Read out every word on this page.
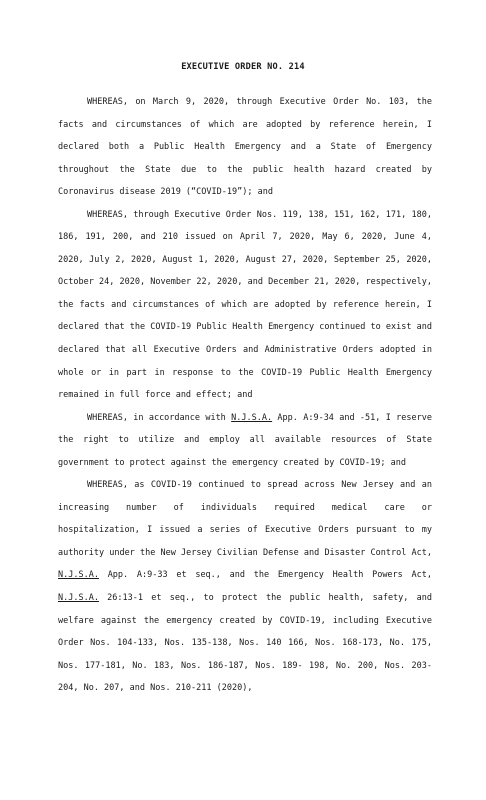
EXECUTIVE ORDER NO. 214

WHEREAS, on March 9, 2020, through Executive Order No. 103, the facts and circumstances of which are adopted by reference herein, I declared both a Public Health Emergency and a State of Emergency throughout the State due to the public health hazard created by Coronavirus disease 2019 (“COVID-19”); and

WHEREAS, through Executive Order Nos. 119, 138, 151, 162, 171, 180, 186, 191, 200, and 210 issued on April 7, 2020, May 6, 2020, June 4, 2020, July 2, 2020, August 1, 2020, August 27, 2020, September 25, 2020, October 24, 2020, November 22, 2020, and December 21, 2020, respectively, the facts and circumstances of which are adopted by reference herein, I declared that the COVID-19 Public Health Emergency continued to exist and declared that all Executive Orders and Administrative Orders adopted in whole or in part in response to the COVID-19 Public Health Emergency remained in full force and effect; and

WHEREAS, in accordance with N.J.S.A. App. A:9-34 and -51, I reserve the right to utilize and employ all available resources of State government to protect against the emergency created by COVID-19; and

WHEREAS, as COVID-19 continued to spread across New Jersey and an increasing number of individuals required medical care or hospitalization, I issued a series of Executive Orders pursuant to my authority under the New Jersey Civilian Defense and Disaster Control Act, N.J.S.A. App. A:9-33 et seq., and the Emergency Health Powers Act, N.J.S.A. 26:13-1 et seq., to protect the public health, safety, and welfare against the emergency created by COVID-19, including Executive Order Nos. 104-133, Nos. 135-138, Nos. 140 166, Nos. 168-173, No. 175, Nos. 177-181, No. 183, Nos. 186-187, Nos. 189- 198, No. 200, Nos. 203-204, No. 207, and Nos. 210-211 (2020),
